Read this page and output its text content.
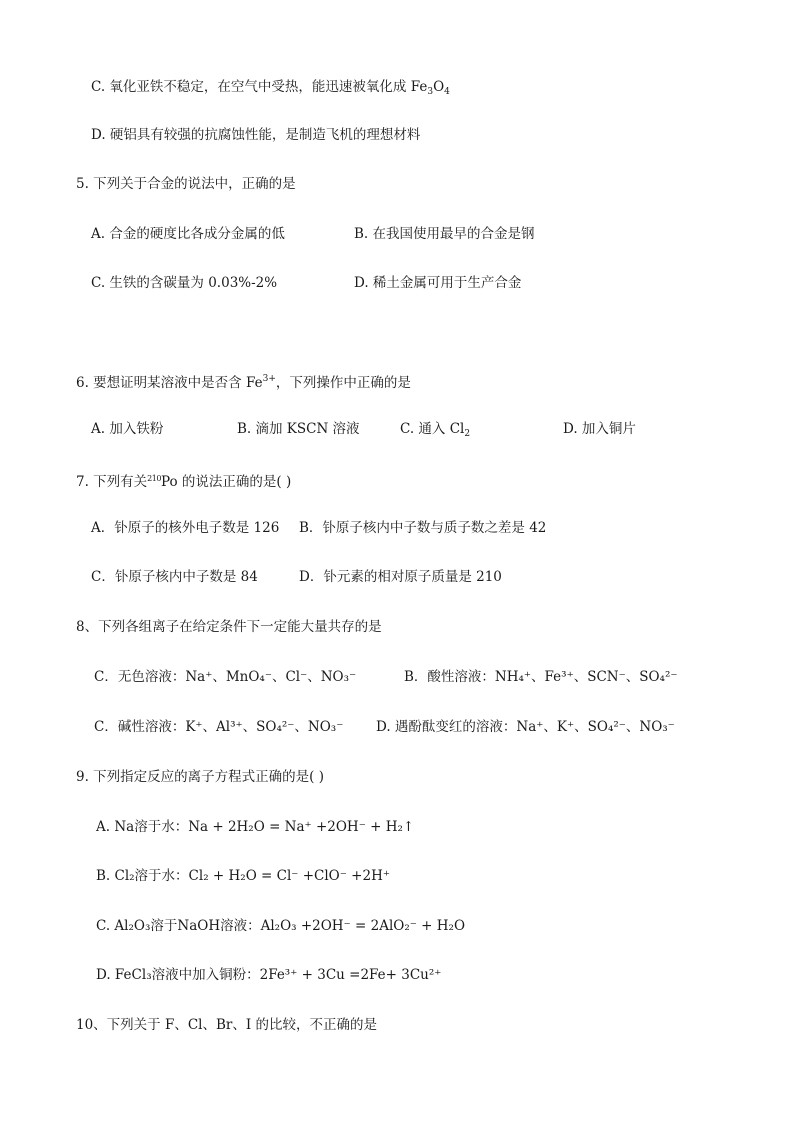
C. 氧化亚铁不稳定，在空气中受热，能迅速被氧化成 $Fe_3O_4$
D. 硬铝具有较强的抗腐蚀性能，是制造飞机的理想材料
5. 下列关于合金的说法中，正确的是
A. 合金的硬度比各成分金属的低	B. 在我国使用最早的合金是钢
C. 生铁的含碳量为 0.03%-2%	D. 稀土金属可用于生产合金
6. 要想证明某溶液中是否含 $Fe^{3+}$，下列操作中正确的是
A. 加入铁粉	B. 滴加 KSCN 溶液	C. 通入 $Cl_2$	D. 加入铜片
7. 下列有关$^{210}$Po 的说法正确的是( )
A．钋原子的核外电子数是 126 B．钋原子核内中子数与质子数之差是 42
C．钋原子核内中子数是 84	D．钋元素的相对原子质量是 210
8、下列各组离子在给定条件下一定能大量共存的是
C．无色溶液：Na⁺、MnO₄⁻、Cl⁻、NO₃⁻	B．酸性溶液：NH₄⁺、Fe³⁺、SCN⁻、SO₄²⁻
C．碱性溶液：K⁺、Al³⁺、SO₄²⁻、NO₃⁻ D. 遇酚酞变红的溶液：Na⁺、K⁺、SO₄²⁻、NO₃⁻
9. 下列指定反应的离子方程式正确的是( )
A. Na溶于水：Na + 2H₂O = Na⁺ +2OH⁻ + H₂↑
B. Cl₂溶于水：Cl₂ + H₂O = Cl⁻ +ClO⁻ +2H⁺
C. Al₂O₃溶于NaOH溶液：Al₂O₃ +2OH⁻ = 2AlO₂⁻ + H₂O
D. FeCl₃溶液中加入铜粉：2Fe³⁺ + 3Cu =2Fe+ 3Cu²⁺
10、下列关于 F、Cl、Br、I 的比较，不正确的是
